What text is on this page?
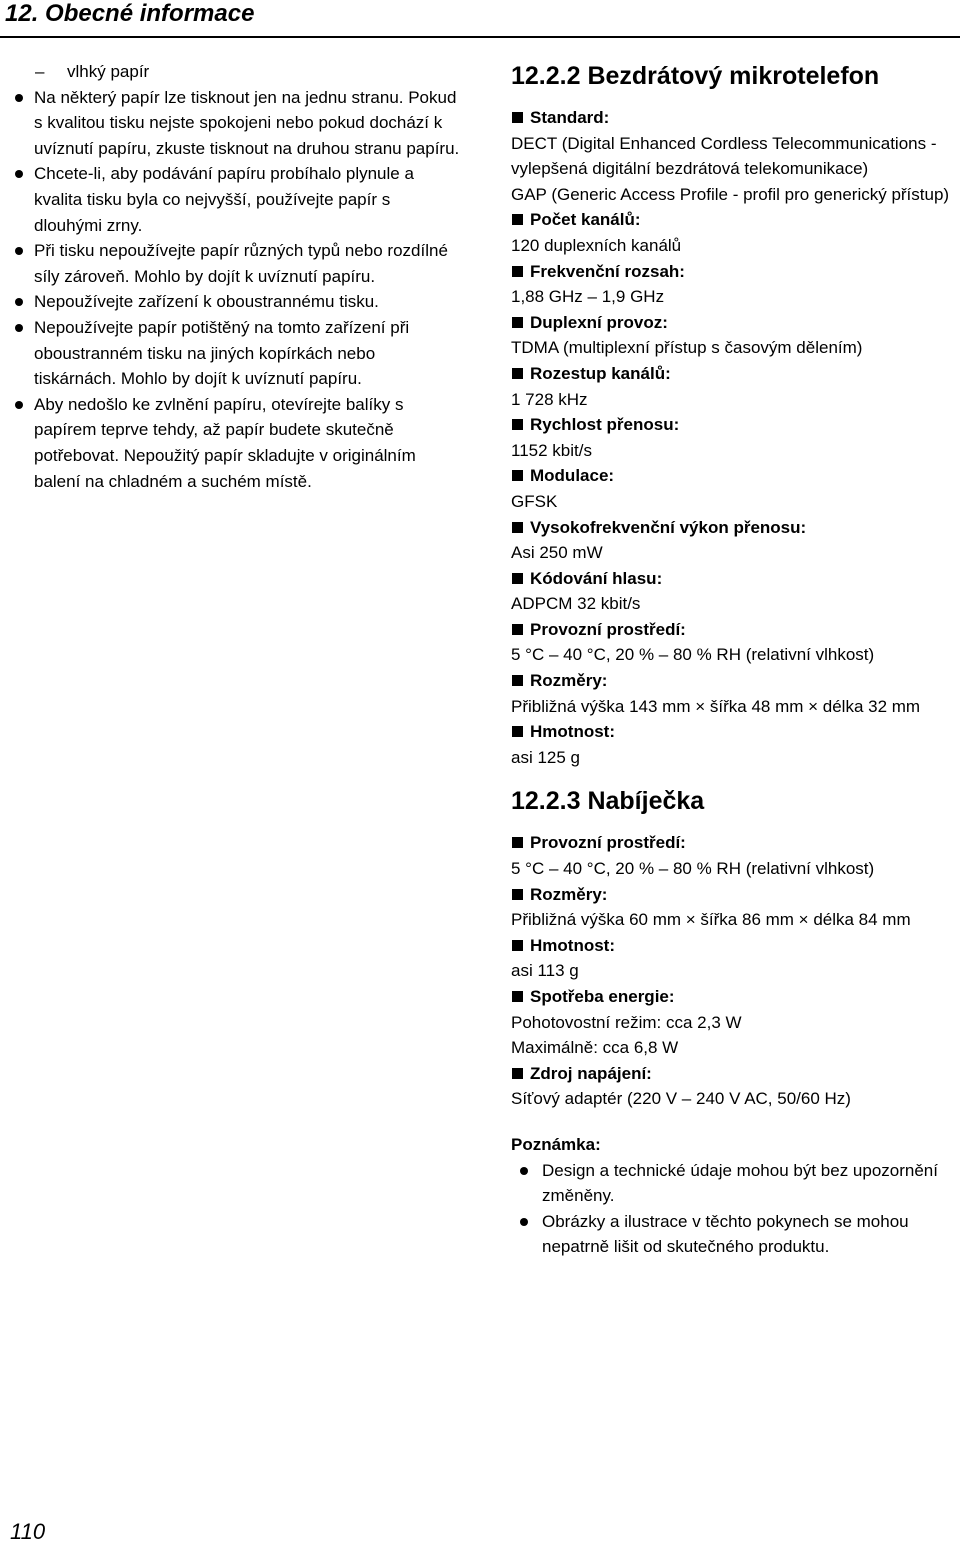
12. Obecné informace
– vlhký papír
Na některý papír lze tisknout jen na jednu stranu. Pokud s kvalitou tisku nejste spokojeni nebo pokud dochází k uvíznutí papíru, zkuste tisknout na druhou stranu papíru.
Chcete-li, aby podávání papíru probíhalo plynule a kvalita tisku byla co nejvyšší, používejte papír s dlouhými zrny.
Při tisku nepoužívejte papír různých typů nebo rozdílné síly zároveň. Mohlo by dojít k uvíznutí papíru.
Nepoužívejte zařízení k oboustrannému tisku.
Nepoužívejte papír potištěný na tomto zařízení při oboustranném tisku na jiných kopírkách nebo tiskárnách. Mohlo by dojít k uvíznutí papíru.
Aby nedošlo ke zvlnění papíru, otevírejte balíky s papírem teprve tehdy, až papír budete skutečně potřebovat. Nepoužitý papír skladujte v originálním balení na chladném a suchém místě.
12.2.2 Bezdrátový mikrotelefon
Standard:
DECT (Digital Enhanced Cordless Telecommunications - vylepšená digitální bezdrátová telekomunikace)
GAP (Generic Access Profile - profil pro generický přístup)
Počet kanálů:
120 duplexních kanálů
Frekvenční rozsah:
1,88 GHz – 1,9 GHz
Duplexní provoz:
TDMA (multiplexní přístup s časovým dělením)
Rozestup kanálů:
1 728 kHz
Rychlost přenosu:
1152 kbit/s
Modulace:
GFSK
Vysokofrekvenční výkon přenosu:
Asi 250 mW
Kódování hlasu:
ADPCM 32 kbit/s
Provozní prostředí:
5 °C – 40 °C, 20 % – 80 % RH (relativní vlhkost)
Rozměry:
Přibližná výška 143 mm × šířka 48 mm × délka 32 mm
Hmotnost:
asi 125 g
12.2.3 Nabíječka
Provozní prostředí:
5 °C – 40 °C, 20 % – 80 % RH (relativní vlhkost)
Rozměry:
Přibližná výška 60 mm × šířka 86 mm × délka 84 mm
Hmotnost:
asi 113 g
Spotřeba energie:
Pohotovostní režim: cca 2,3 W
Maximálně: cca 6,8 W
Zdroj napájení:
Síťový adaptér (220 V – 240 V AC, 50/60 Hz)
Poznámka:
Design a technické údaje mohou být bez upozornění změněny.
Obrázky a ilustrace v těchto pokynech se mohou nepatrně lišit od skutečného produktu.
110
